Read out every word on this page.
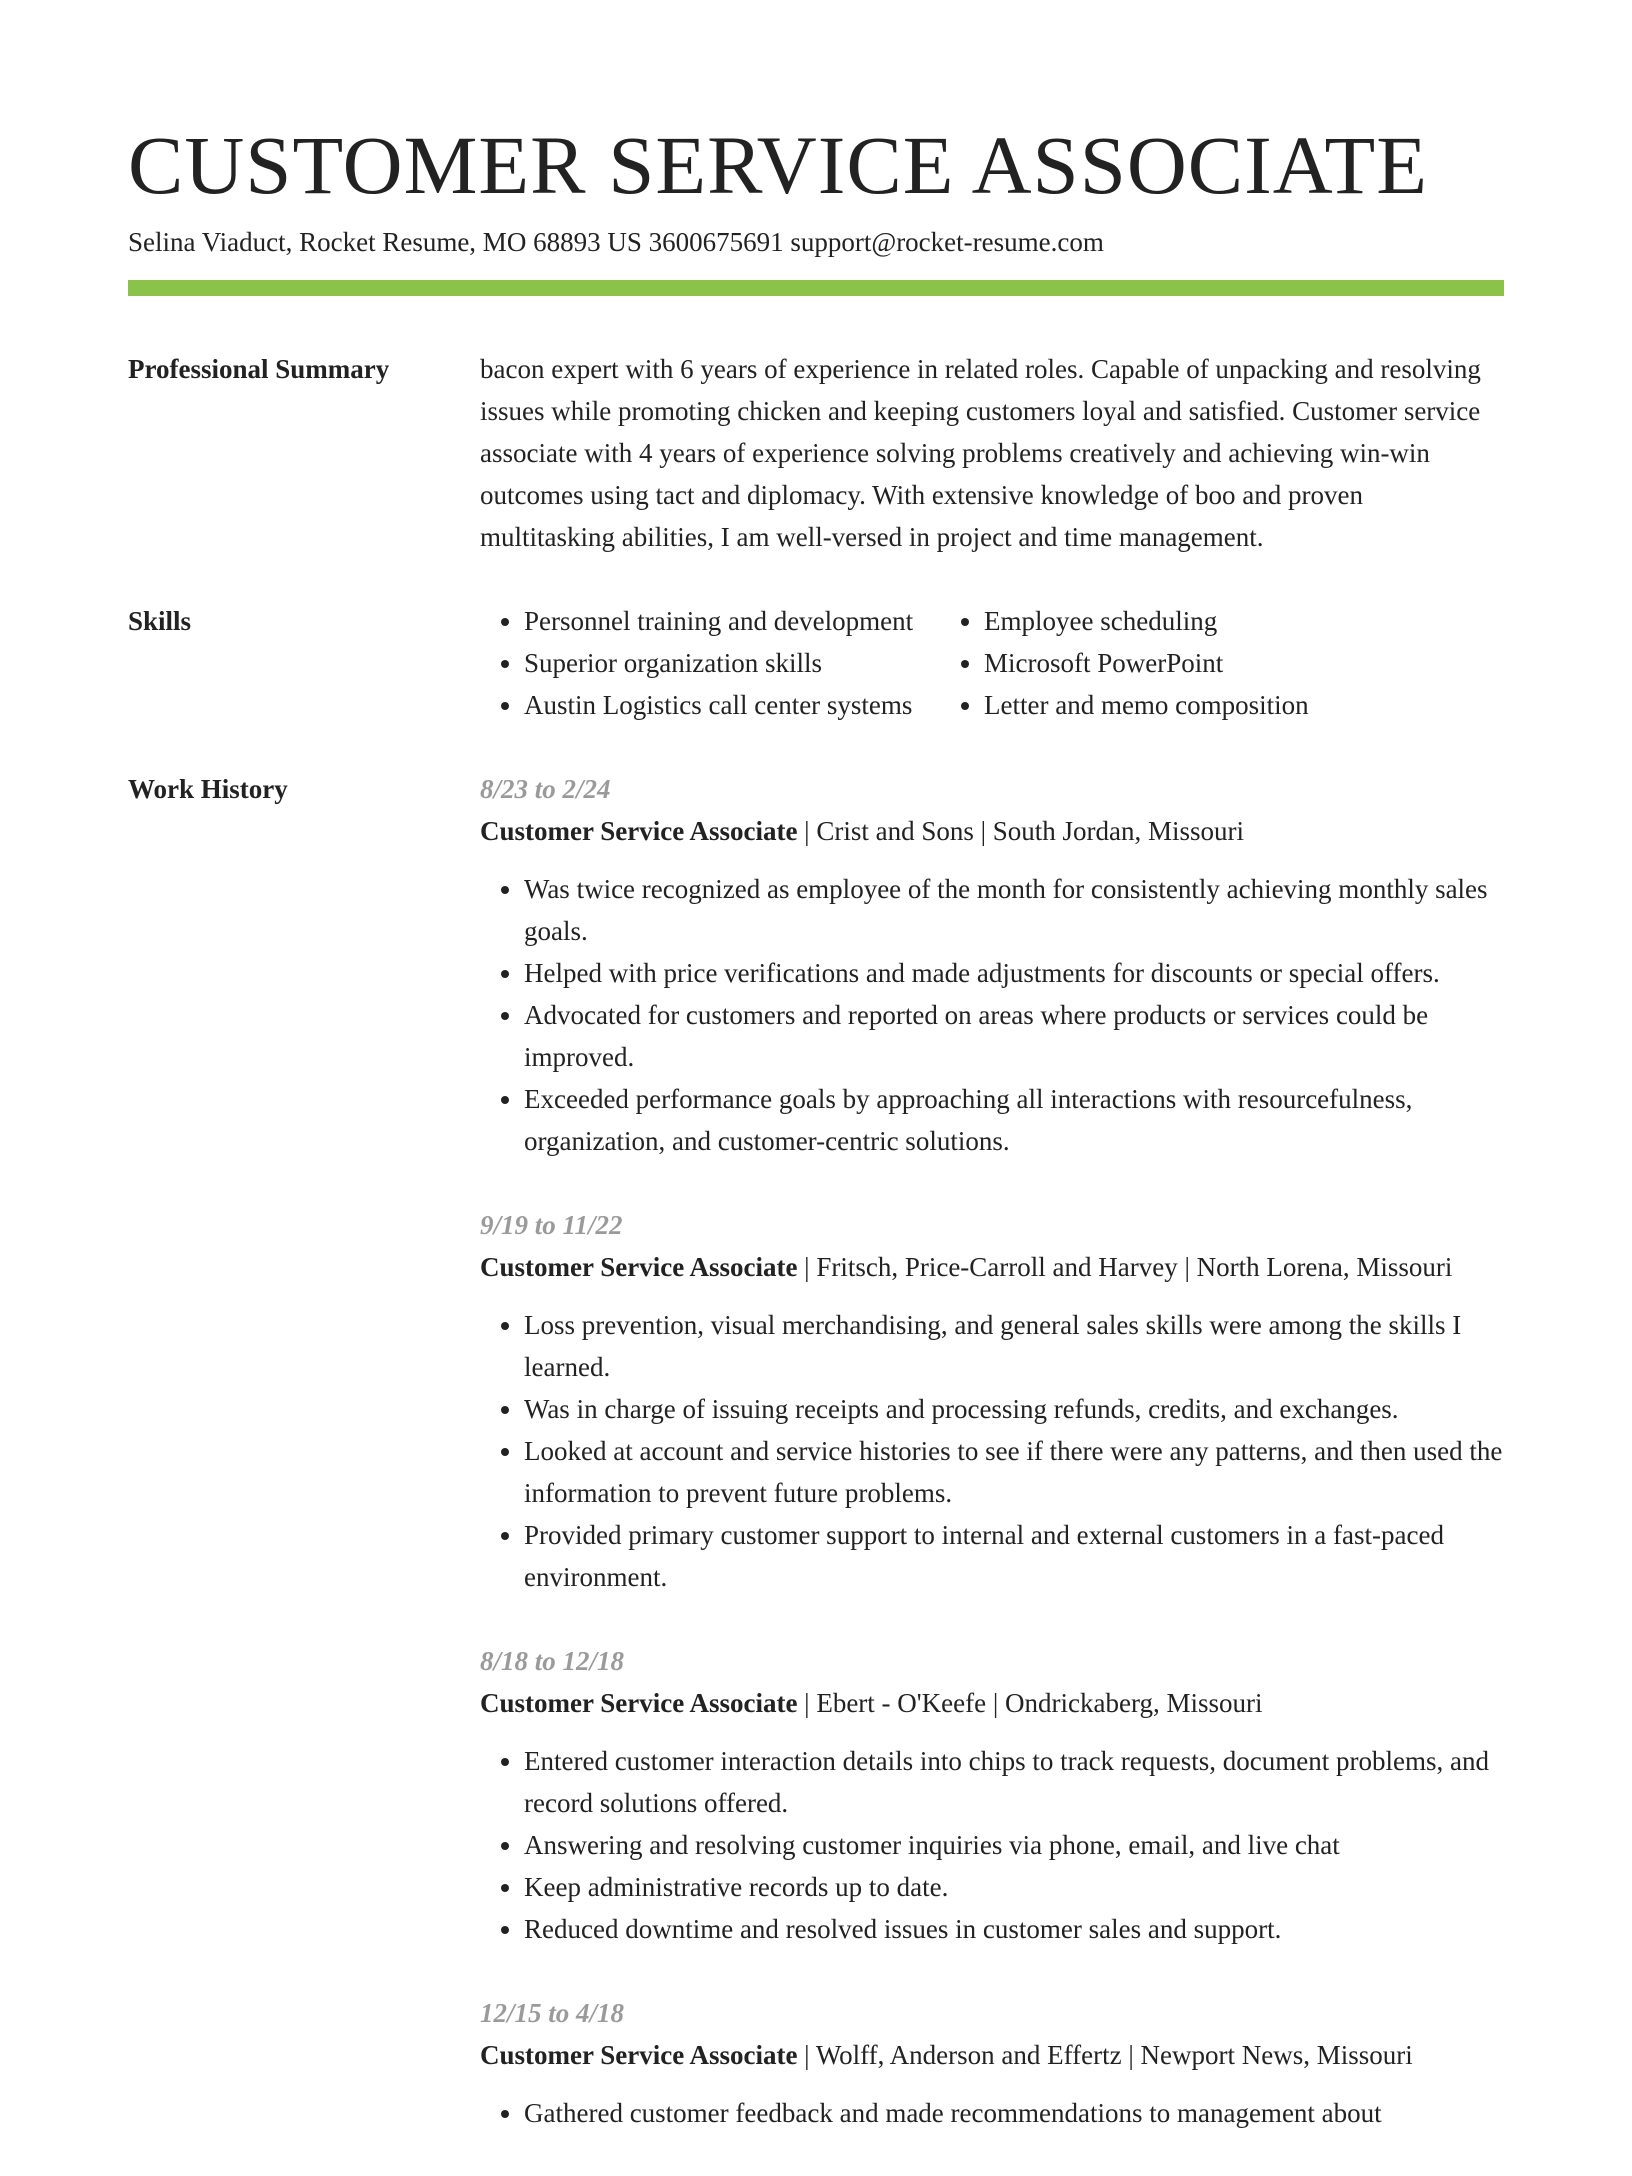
CUSTOMER SERVICE ASSOCIATE
Selina Viaduct, Rocket Resume, MO 68893 US 3600675691 support@rocket-resume.com
Professional Summary	bacon expert with 6 years of experience in related roles. Capable of unpacking and resolving issues while promoting chicken and keeping customers loyal and satisfied. Customer service associate with 4 years of experience solving problems creatively and achieving win-win outcomes using tact and diplomacy. With extensive knowledge of boo and proven multitasking abilities, I am well-versed in project and time management.

Skills
•	Personnel training and development
• Superior organization skills
• Austin Logistics call center systems
• Employee scheduling
• Microsoft PowerPoint
• Letter and memo composition
Work History	8/23 to 2/24

Customer Service Associate | Crist and Sons | South Jordan, Missouri

• Was twice recognized as employee of the month for consistently achieving monthly sales goals.
• Helped with price verifications and made adjustments for discounts or special offers.
• Advocated for customers and reported on areas where products or services could be improved.
• Exceeded performance goals by approaching all interactions with resourcefulness, organization, and customer-centric solutions.
9/19 to 11/22

Customer Service Associate | Fritsch, Price-Carroll and Harvey | North Lorena, Missouri

• Loss prevention, visual merchandising, and general sales skills were among the skills I learned.
• Was in charge of issuing receipts and processing refunds, credits, and exchanges.
• Looked at account and service histories to see if there were any patterns, and then used the information to prevent future problems.
• Provided primary customer support to internal and external customers in a fast-paced environment.
8/18 to 12/18

Customer Service Associate | Ebert - O'Keefe | Ondrickaberg, Missouri

• Entered customer interaction details into chips to track requests, document problems, and record solutions offered.
• Answering and resolving customer inquiries via phone, email, and live chat
• Keep administrative records up to date.
• Reduced downtime and resolved issues in customer sales and support.
12/15 to 4/18

Customer Service Associate | Wolff, Anderson and Effertz | Newport News, Missouri

• Gathered customer feedback and made recommendations to management about
